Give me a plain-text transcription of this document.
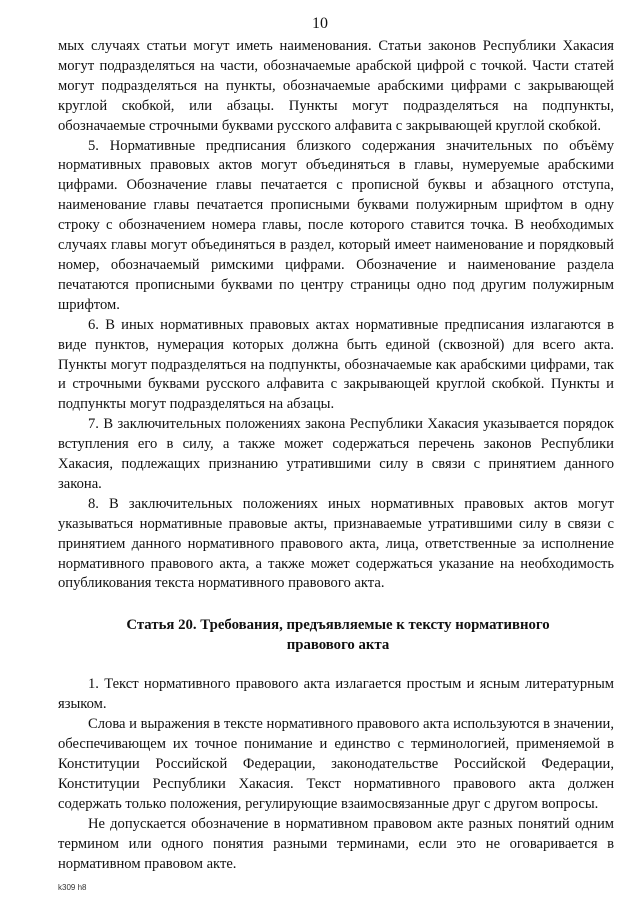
10

мых случаях статьи могут иметь наименования. Статьи законов Республики Хакасия могут подразделяться на части, обозначаемые арабской цифрой с точкой. Части статей могут подразделяться на пункты, обозначаемые арабскими цифрами с закрывающей круглой скобкой, или абзацы. Пункты могут подразделяться на подпункты, обозначаемые строчными буквами русского алфавита с закрывающей круглой скобкой.

5. Нормативные предписания близкого содержания значительных по объёму нормативных правовых актов могут объединяться в главы, нумеруемые арабскими цифрами. Обозначение главы печатается с прописной буквы и абзацного отступа, наименование главы печатается прописными буквами полужирным шрифтом в одну строку с обозначением номера главы, после которого ставится точка. В необходимых случаях главы могут объединяться в раздел, который имеет наименование и порядковый номер, обозначаемый римскими цифрами. Обозначение и наименование раздела печатаются прописными буквами по центру страницы одно под другим полужирным шрифтом.

6. В иных нормативных правовых актах нормативные предписания излагаются в виде пунктов, нумерация которых должна быть единой (сквозной) для всего акта. Пункты могут подразделяться на подпункты, обозначаемые как арабскими цифрами, так и строчными буквами русского алфавита с закрывающей круглой скобкой. Пункты и подпункты могут подразделяться на абзацы.

7. В заключительных положениях закона Республики Хакасия указывается порядок вступления его в силу, а также может содержаться перечень законов Республики Хакасия, подлежащих признанию утратившими силу в связи с принятием данного закона.

8. В заключительных положениях иных нормативных правовых актов могут указываться нормативные правовые акты, признаваемые утратившими силу в связи с принятием данного нормативного правового акта, лица, ответственные за исполнение нормативного правового акта, а также может содержаться указание на необходимость опубликования текста нормативного правового акта.

Статья 20. Требования, предъявляемые к тексту нормативного
правового акта

1. Текст нормативного правового акта излагается простым и ясным литературным языком.

Слова и выражения в тексте нормативного правового акта используются в значении, обеспечивающем их точное понимание и единство с терминологией, применяемой в Конституции Российской Федерации, законодательстве Российской Федерации, Конституции Республики Хакасия. Текст нормативного правового акта должен содержать только положения, регулирующие взаимосвязанные друг с другом вопросы.

Не допускается обозначение в нормативном правовом акте разных понятий одним термином или одного понятия разными терминами, если это не оговаривается в нормативном правовом акте.

k309 h8
